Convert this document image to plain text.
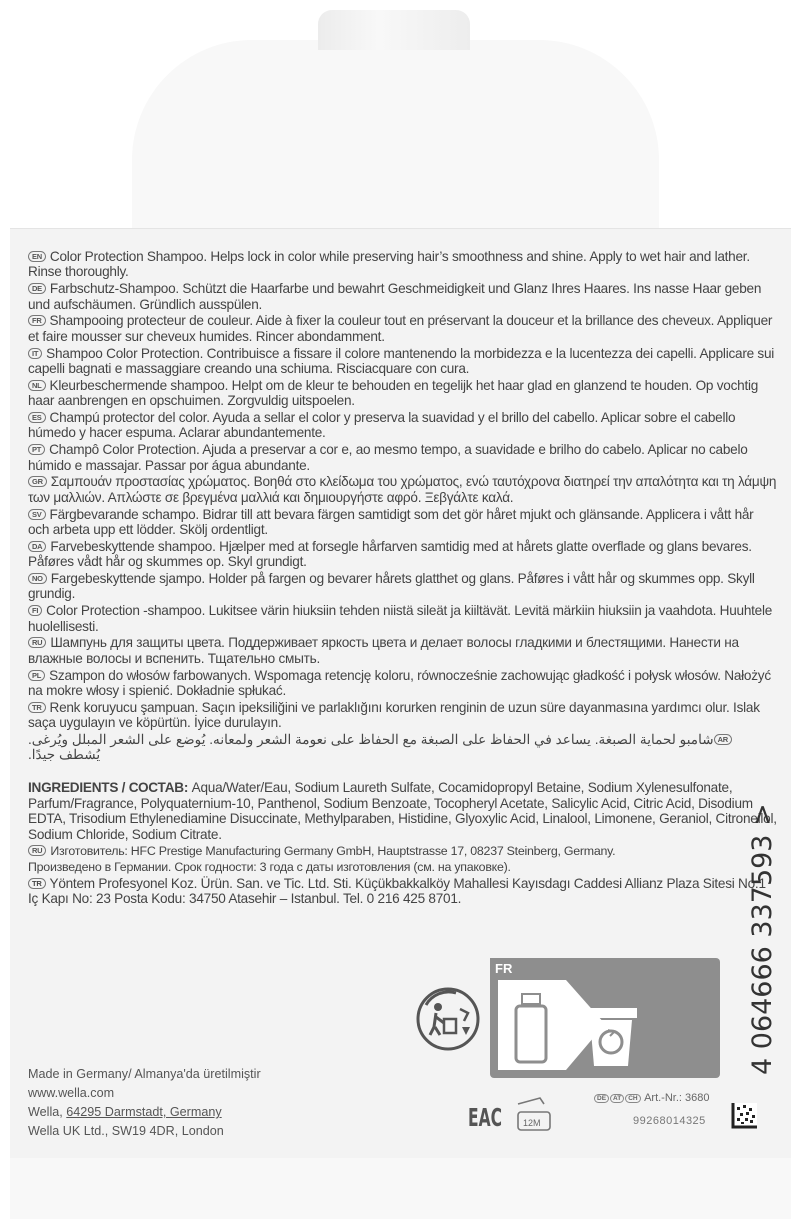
EN Color Protection Shampoo. Helps lock in color while preserving hair’s smoothness and shine. Apply to wet hair and lather. Rinse thoroughly.
DE Farbschutz-Shampoo. Schützt die Haarfarbe und bewahrt Geschmeidigkeit und Glanz Ihres Haares. Ins nasse Haar geben und aufschäumen. Gründlich ausspülen.
FR Shampooing protecteur de couleur. Aide à fixer la couleur tout en préservant la douceur et la brillance des cheveux. Appliquer et faire mousser sur cheveux humides. Rincer abondamment.
IT Shampoo Color Protection. Contribuisce a fissare il colore mantenendo la morbidezza e la lucentezza dei capelli. Applicare sui capelli bagnati e massaggiare creando una schiuma. Risciacquare con cura.
NL Kleurbeschermende shampoo. Helpt om de kleur te behouden en tegelijk het haar glad en glanzend te houden. Op vochtig haar aanbrengen en opschuimen. Zorgvuldig uitspoelen.
ES Champú protector del color. Ayuda a sellar el color y preserva la suavidad y el brillo del cabello. Aplicar sobre el cabello húmedo y hacer espuma. Aclarar abundantemente.
PT Champô Color Protection. Ajuda a preservar a cor e, ao mesmo tempo, a suavidade e brilho do cabelo. Aplicar no cabelo húmido e massajar. Passar por água abundante.
GR Σαμπουάν προστασίας χρώματος. Βοηθά στο κλείδωμα του χρώματος, ενώ ταυτόχρονα διατηρεί την απαλότητα και τη λάμψη των μαλλιών. Απλώστε σε βρεγμένα μαλλιά και δημιουργήστε αφρό. Ξεβγάλτε καλά.
SV Färgbevarande schampo. Bidrar till att bevara färgen samtidigt som det gör håret mjukt och glänsande. Applicera i vått hår och arbeta upp ett lödder. Skölj ordentligt.
DA Farvebeskyttende shampoo. Hjælper med at forsegle hårfarven samtidig med at hårets glatte overflade og glans bevares. Påføres vådt hår og skummes op. Skyl grundigt.
NO Fargebeskyttende sjampo. Holder på fargen og bevarer hårets glatthet og glans. Påføres i vått hår og skummes opp. Skyll grundig.
FI Color Protection -shampoo. Lukitsee värin hiuksiin tehden niistä sileät ja kiiltävät. Levitä märkiin hiuksiin ja vaahdota. Huuhtele huolellisesti.
RU Шампунь для защиты цвета. Поддерживает яркость цвета и делает волосы гладкими и блестящими. Нанести на влажные волосы и вспенить. Тщательно смыть.
PL Szampon do włosów farbowanych. Wspomaga retencję koloru, równocześnie zachowując gładkość i połysk włosów. Nałożyć na mokre włosy i spienić. Dokładnie spłukać.
TR Renk koruyucu şampuan. Saçın ipeksiliğini ve parlaklığını korurken renginin de uzun süre dayanmasına yardımcı olur. Islak saça uygulayın ve köpürtün. İyice durulayın.
ARشامبو لحماية الصبغة. يساعد في الحفاظ على الصبغة مع الحفاظ على نعومة الشعر ولمعانه. يُوضع على الشعر المبلل ويُرغى. يُشطف جيدًا.

INGREDIENTS / СОСТАВ: Aqua/Water/Eau, Sodium Laureth Sulfate, Cocamidopropyl Betaine, Sodium Xylenesulfonate, Parfum/Fragrance, Polyquaternium-10, Panthenol, Sodium Benzoate, Tocopheryl Acetate, Salicylic Acid, Citric Acid, Disodium EDTA, Trisodium Ethylenediamine Disuccinate, Methylparaben, Histidine, Glyoxylic Acid, Linalool, Limonene, Geraniol, Citronellol, Sodium Chloride, Sodium Citrate.

RU Изготовитель: HFC Prestige Manufacturing Germany GmbH, Hauptstrasse 17, 08237 Steinberg, Germany.

Произведено в Германии. Срок годности: 3 года с даты изготовления (см. на упаковке).

TR Yöntem Profesyonel Koz. Ürün. San. ve Tic. Ltd. Sti. Küçükbakkalköy Mahallesi Kayısdagı Caddesi Allianz Plaza Sitesi No:1 Iç Kapı No: 23 Posta Kodu: 34750 Atasehir – Istanbul. Tel. 0 216 425 8701.	4 064666 337593 >
FR
Made in Germany/ Almanya'da üretilmiştir
www.wella.com
Wella, 64295 Darmstadt, Germany
Wella UK Ltd., SW19 4DR, London	EAC 12M
DE AT CH Art.-Nr.: 3680
99268014325
